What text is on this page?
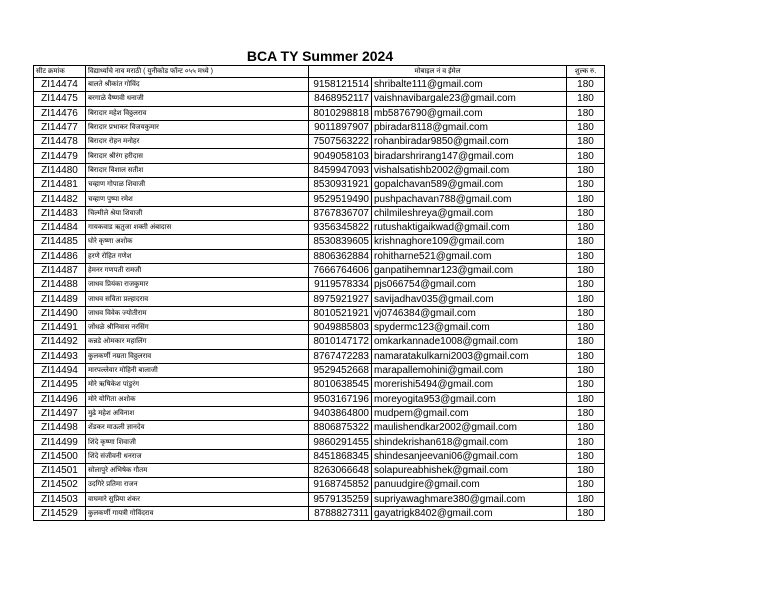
BCA TY Summer 2024
सीट क्रमांक	विद्यार्थ्याचे नाव मराठी ( युनीकोड फॉन्ट ०५५ मध्ये )	मोबाइल नं व ईमेल		शुल्क रु.
ZI14474	बालते श्रीकांत गोविंद	9158121514	shribalte111@gmail.com	180
ZI14475	बरगाळे वैष्णवी धनाजी	8468952117	vaishnavibargale23@gmail.com	180
ZI14476	बिरादार महेश विठ्ठलराव	8010298818	mb5876790@gmail.com	180
ZI14477	बिरादार प्रभाकर विजयकुमार	9011897907	pbiradar8118@gmail.com	180
ZI14478	बिरादार रोहन मनोहर	7507563222	rohanbiradar9850@gmail.com	180
ZI14479	बिरादार श्रीरंग हरीदास	9049058103	biradarshrirang147@gmail.com	180
ZI14480	बिरादार विशाल सतीश	8459947093	vishalsatishb2002@gmail.com	180
ZI14481	चव्हाण गोपाळ शिवाजी	8530931921	gopalchavan589@gmail.com	180
ZI14482	चव्हाण पुष्पा रमेश	9529519490	pushpachavan788@gmail.com	180
ZI14483	चिल्मीले श्रेया शिवाजी	8767836707	chilmileshreya@gmail.com	180
ZI14484	गायकवाड ऋतुजा शक्ती अंबादास	9356345822	rutushaktigaikwad@gmail.com	180
ZI14485	घोरे कृष्णा अशोक	8530839605	krishnaghore109@gmail.com	180
ZI14486	हरणे रोहित गणेश	8806362884	rohitharne521@gmail.com	180
ZI14487	हेमनर गणपती रामजी	7666764606	ganpatihemnar123@gmail.com	180
ZI14488	जाधव प्रियंका राजकुमार	9119578334	pjs066754@gmail.com	180
ZI14489	जाधव सविता प्रल्हादराव	8975921927	savijadhav035@gmail.com	180
ZI14490	जाधव विवेक ज्योतीराम	8010521921	vj0746384@gmail.com	180
ZI14491	जोंधळे श्रीनिवास नरसिंग	9049885803	spydermc123@gmail.com	180
ZI14492	कन्नडे ओमकार महालिंग	8010147172	omkarkannade1008@gmail.com	180
ZI14493	कुलकर्णी नम्रता विठ्ठलराव	8767472283	namaratakulkarni2003@gmail.com	180
ZI14494	मारपल्लेवार मोहिनी बालाजी	9529452668	marapallemohini@gmail.com	180
ZI14495	मोरे ऋषिकेश पांडुरंग	8010638545	morerishi5494@gmail.com	180
ZI14496	मोरे योगिता अशोक	9503167196	moreyogita953@gmail.com	180
ZI14497	मुढे महेश अविनाश	9403864800	mudpem@gmail.com	180
ZI14498	शेंडकर माऊली ज्ञानदेव	8806875322	maulishendkar2002@gmail.com	180
ZI14499	शिंदे कृष्णा शिवाजी	9860291455	shindekrishan618@gmail.com	180
ZI14500	शिंदे संजीवनी धनराज	8451868345	shindesanjeevani06@gmail.com	180
ZI14501	सोलापुरे अभिषेक गौतम	8263066648	solapureabhishek@gmail.com	180
ZI14502	उदगिरे प्रतिमा राजन	9168745852	panuudgire@gmail.com	180
ZI14503	वाघमारे सुप्रिया शंकर	9579135259	supriyawaghmare380@gmail.com	180
ZI14529	कुलकर्णी गायत्री गोविंदराव	8788827311	gayatrigk8402@gmail.com	180
